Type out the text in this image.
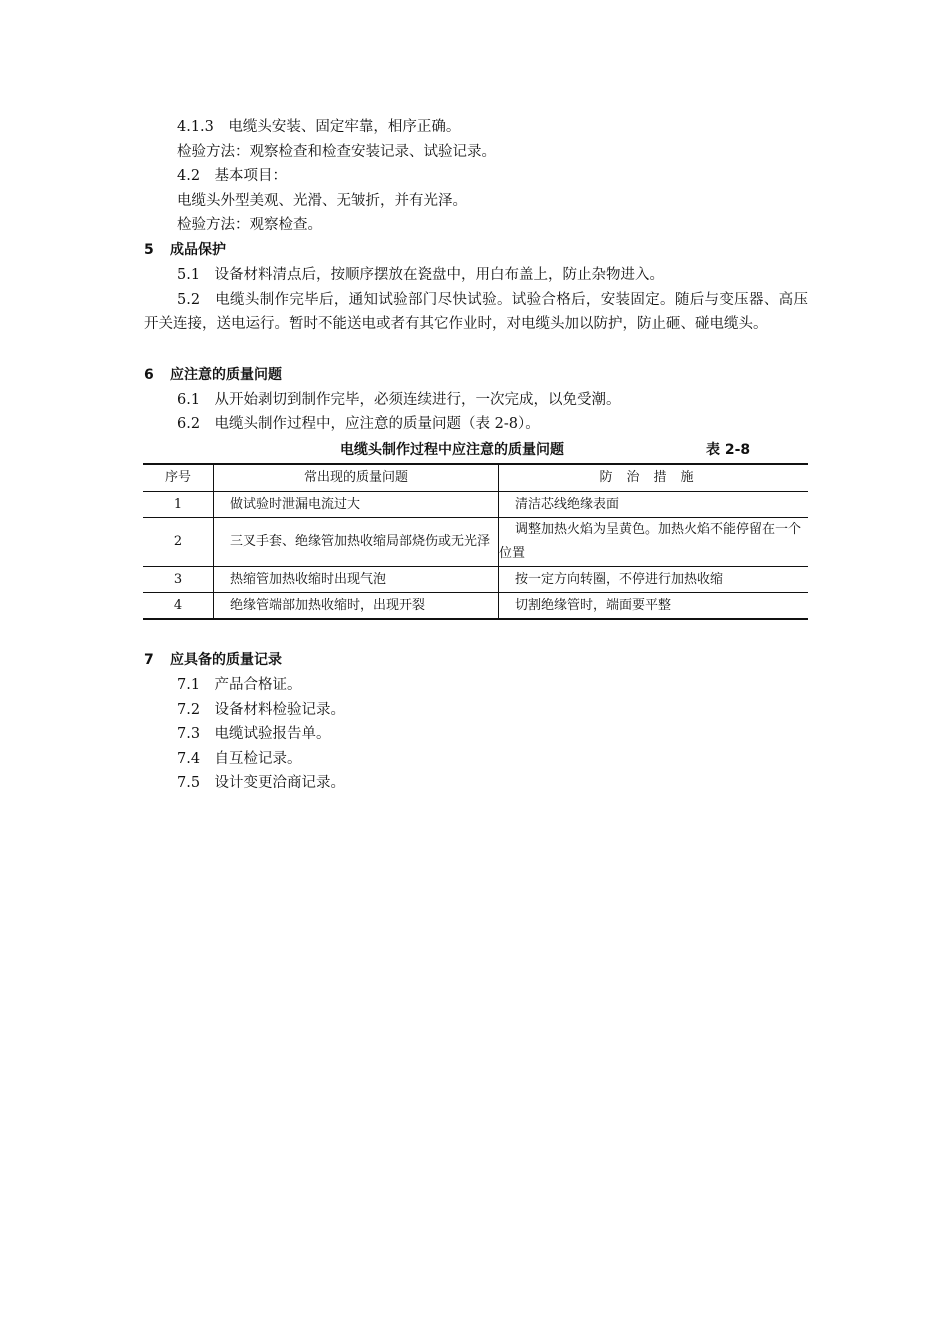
4.1.3　电缆头安装、固定牢靠，相序正确。
检验方法：观察检查和检查安装记录、试验记录。
4.2　基本项目：
电缆头外型美观、光滑、无皱折，并有光泽。
检验方法：观察检查。
5 成品保护
5.1　设备材料清点后，按顺序摆放在瓷盘中，用白布盖上，防止杂物进入。
5.2　电缆头制作完毕后，通知试验部门尽快试验。试验合格后，安装固定。随后与变压器、高压开关连接，送电运行。暂时不能送电或者有其它作业时，对电缆头加以防护，防止砸、碰电缆头。
6 应注意的质量问题
6.1　从开始剥切到制作完毕，必须连续进行，一次完成，以免受潮。
6.2　电缆头制作过程中，应注意的质量问题（表 2-8）。
电缆头制作过程中应注意的质量问题	表 2-8
序号	常出现的质量问题	防治措施
1	做试验时泄漏电流过大	清洁芯线绝缘表面
2	三叉手套、绝缘管加热收缩局部烧伤或无光泽	调整加热火焰为呈黄色。加热火焰不能停留在一个位置
3	热缩管加热收缩时出现气泡	按一定方向转圈，不停进行加热收缩
4	绝缘管端部加热收缩时，出现开裂	切割绝缘管时，端面要平整
7 应具备的质量记录
7.1　产品合格证。
7.2　设备材料检验记录。
7.3　电缆试验报告单。
7.4　自互检记录。
7.5　设计变更洽商记录。
